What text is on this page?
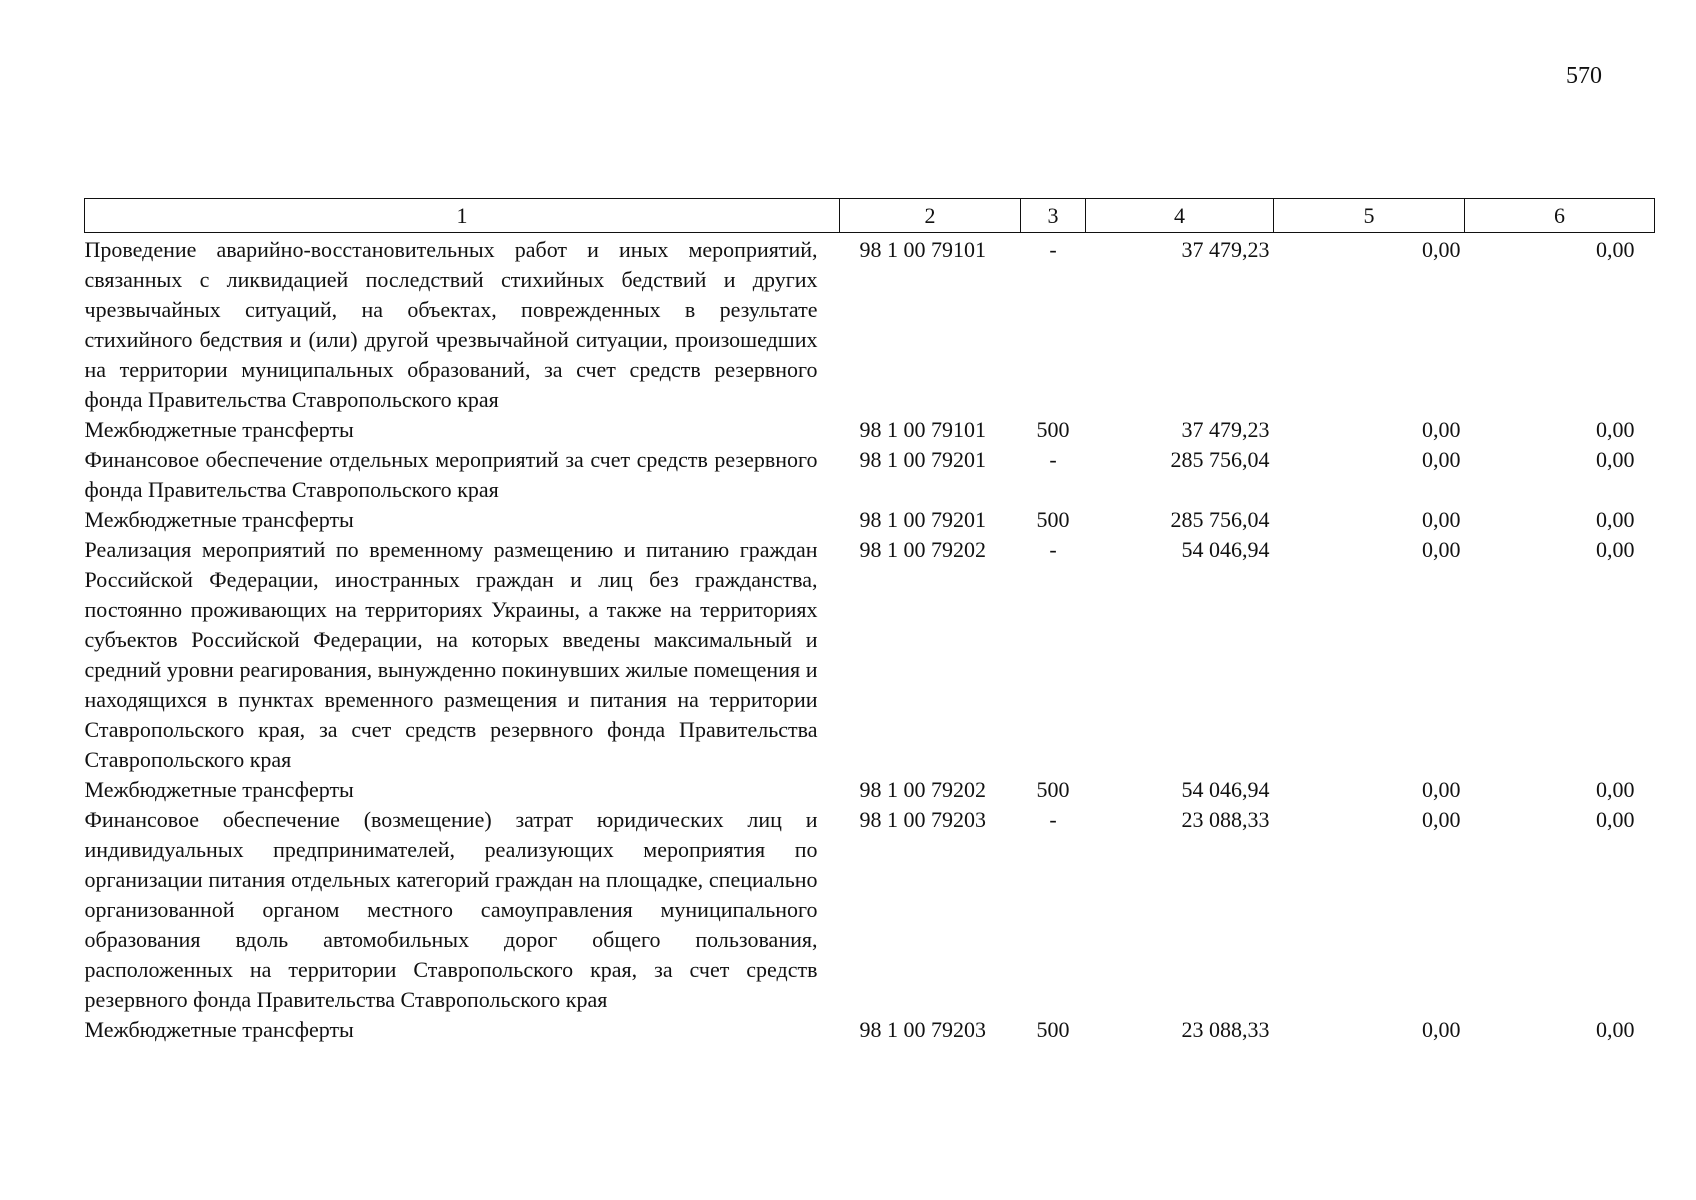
570
1	2	3	4	5	6
Проведение аварийно-восстановительных работ и иных мероприятий, связанных с ликвидацией последствий стихийных бедствий и других чрезвычайных ситуаций, на объектах, поврежденных в результате стихийного бедствия и (или) другой чрезвычайной ситуации, произошедших на территории муниципальных образований, за счет средств резервного фонда Правительства Ставропольского края	98 1 00 79101	-	37 479,23	0,00	0,00
Межбюджетные трансферты	98 1 00 79101	500	37 479,23	0,00	0,00
Финансовое обеспечение отдельных мероприятий за счет средств резервного фонда Правительства Ставропольского края	98 1 00 79201	-	285 756,04	0,00	0,00
Межбюджетные трансферты	98 1 00 79201	500	285 756,04	0,00	0,00
Реализация мероприятий по временному размещению и питанию граждан Российской Федерации, иностранных граждан и лиц без гражданства, постоянно проживающих на территориях Украины, а также на территориях субъектов Российской Федерации, на которых введены максимальный и средний уровни реагирования, вынужденно покинувших жилые помещения и находящихся в пунктах временного размещения и питания на территории Ставропольского края, за счет средств резервного фонда Правительства Ставропольского края	98 1 00 79202	-	54 046,94	0,00	0,00
Межбюджетные трансферты	98 1 00 79202	500	54 046,94	0,00	0,00
Финансовое обеспечение (возмещение) затрат юридических лиц и индивидуальных предпринимателей, реализующих мероприятия по организации питания отдельных категорий граждан на площадке, специально организованной органом местного самоуправления муниципального образования вдоль автомобильных дорог общего пользования, расположенных на территории Ставропольского края, за счет средств резервного фонда Правительства Ставропольского края	98 1 00 79203	-	23 088,33	0,00	0,00
Межбюджетные трансферты	98 1 00 79203	500	23 088,33	0,00	0,00
